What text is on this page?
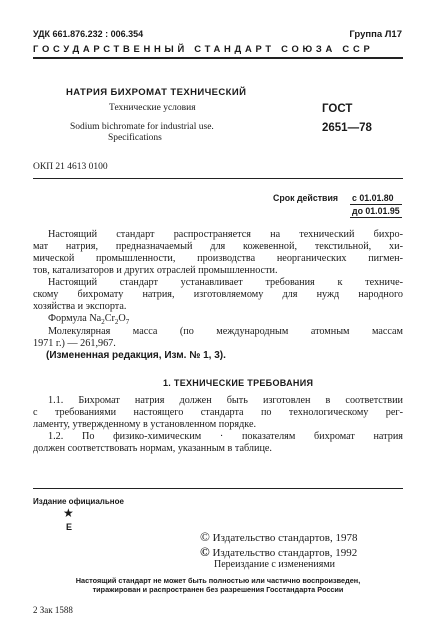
УДК 661.876.232 : 006.354	Группа Л17
ГОСУДАРСТВЕННЫЙ СТАНДАРТ СОЮЗА ССР
НАТРИЯ БИХРОМАТ ТЕХНИЧЕСКИЙ
Технические условия
Sodium bichromate for industrial use.
Specifications
ГОСТ
2651—78
ОКП 21 4613 0100
Срок действия с 01.01.80
до 01.01.95
Настоящий стандарт распространяется на технический бихро-
мат натрия, предназначаемый для кожевенной, текстильной, хи-
мической промышленности, производства неорганических пигмен-
тов, катализаторов и других отраслей промышленности.
Настоящий стандарт устанавливает требования к техниче-
скому бихромату натрия, изготовляемому для нужд народного
хозяйства и экспорта.
Формула $Na_2Cr_2O_7$
Молекулярная масса (по международным атомным массам
1971 г.) — 261,967.
(Измененная редакция, Изм. № 1, 3).
1. ТЕХНИЧЕСКИЕ ТРЕБОВАНИЯ
1.1. Бихромат натрия должен быть изготовлен в соответствии
с требованиями настоящего стандарта по технологическому рег-
ламенту, утвержденному в установленном порядке.
1.2. По физико-химическим · показателям бихромат натрия
должен соответствовать нормам, указанным в таблице.
Издание официальное
★
E
© Издательство стандартов, 1978
© Издательство стандартов, 1992
Переиздание с изменениями
Настоящий стандарт не может быть полностью или частично воспроизведен,
тиражирован и распространен без разрешения Госстандарта России
2 Зак 1588
